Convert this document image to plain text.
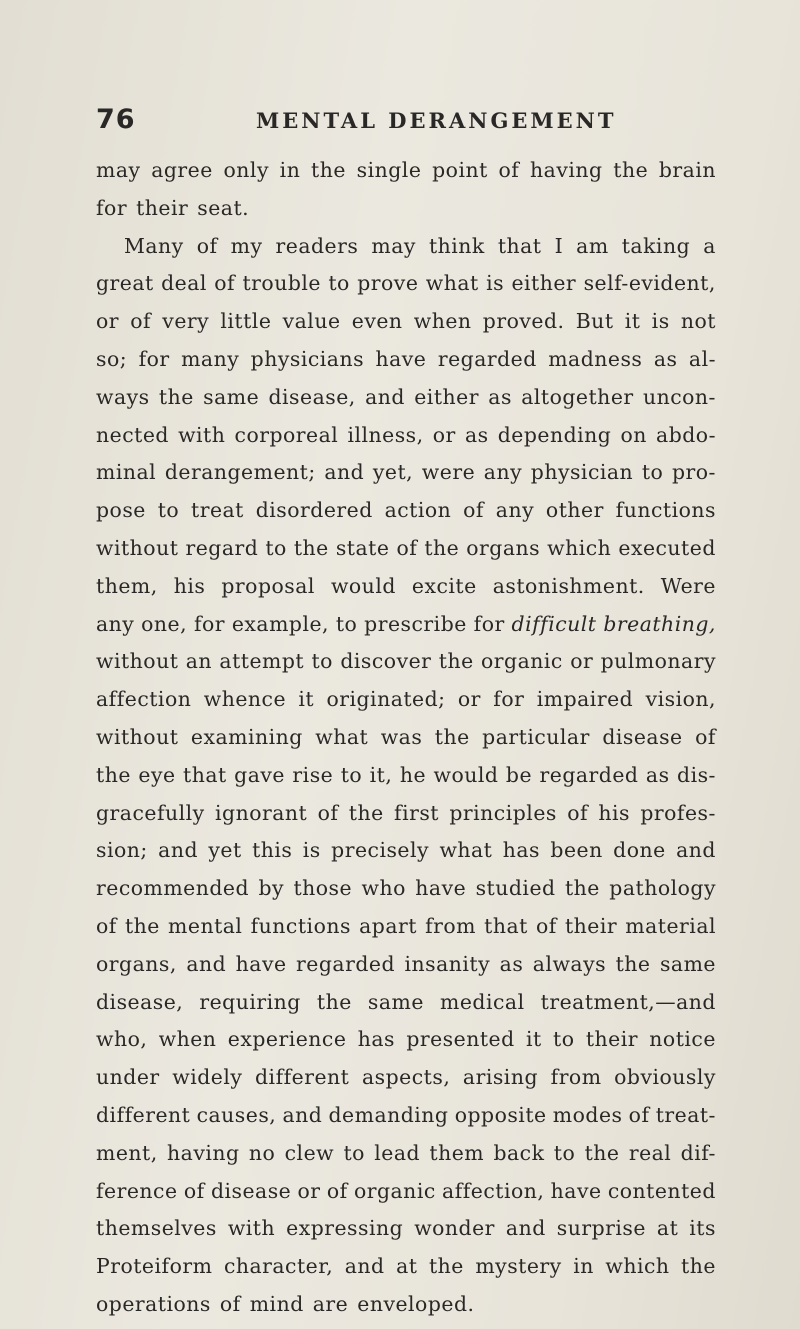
76	MENTAL DERANGEMENT
may agree only in the single point of having the brain
for their seat.
Many of my readers may think that I am taking a
great deal of trouble to prove what is either self-evident,
or of very little value even when proved. But it is not
so; for many physicians have regarded madness as al-
ways the same disease, and either as altogether uncon-
nected with corporeal illness, or as depending on abdo-
minal derangement; and yet, were any physician to pro-
pose to treat disordered action of any other functions
without regard to the state of the organs which executed
them, his proposal would excite astonishment. Were
any one, for example, to prescribe for difficult breathing,
without an attempt to discover the organic or pulmonary
affection whence it originated; or for impaired vision,
without examining what was the particular disease of
the eye that gave rise to it, he would be regarded as dis-
gracefully ignorant of the first principles of his profes-
sion; and yet this is precisely what has been done and
recommended by those who have studied the pathology
of the mental functions apart from that of their material
organs, and have regarded insanity as always the same
disease, requiring the same medical treatment,—and
who, when experience has presented it to their notice
under widely different aspects, arising from obviously
different causes, and demanding opposite modes of treat-
ment, having no clew to lead them back to the real dif-
ference of disease or of organic affection, have contented
themselves with expressing wonder and surprise at its
Proteiform character, and at the mystery in which the
operations of mind are enveloped.
